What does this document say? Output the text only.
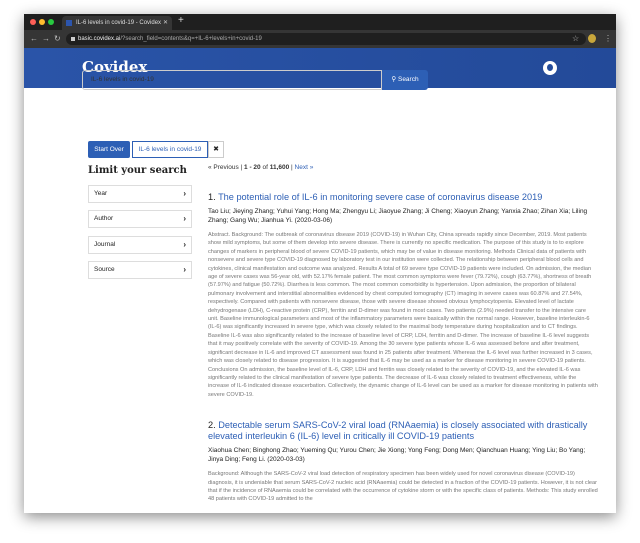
IL-6 levels in covid-19 - Covidex ✕ +
← → ↻	basic.covidex.ai/?search_field=contents&q=+IL-6+levels+in+covid-19	☆	⋮
Covidex
IL-6 levels in covid-19	⚲ Search
Start Over	IL-6 levels in covid-19	✖
Limit your search
Year	›
Author	›
Journal	›
Source	›
« Previous | 1 - 20 of 11,600 | Next »
1. The potential role of IL-6 in monitoring severe case of coronavirus disease 2019
Tao Liu; Jieying Zhang; Yuhui Yang; Hong Ma; Zhengyu Li; Jiaoyue Zhang; Ji Cheng; Xiaoyun Zhang; Yanxia Zhao; Zihan Xia; Liling Zhang; Gang Wu; Jianhua Yi. (2020-03-06)
Abstract. Background: The outbreak of coronavirus disease 2019 (COVID-19) in Wuhan City, China spreads rapidly since December, 2019. Most patients show mild symptoms, but some of them develop into severe disease. There is currently no specific medication. The purpose of this study is to to explore changes of markers in peripheral blood of severe COVID-19 patients, which may be of value in disease monitoring. Methods Clinical data of patients with nonsevere and severe type COVID-19 diagnosed by laboratory test in our institution were collected. The relationship between peripheral blood cells and cytokines, clinical manifestation and outcome was analyzed. Results A total of 69 severe type COVID-19 patients were included. On admission, the median age of severe cases was 56-year old, with 52.17% female patient. The most common symptoms were fever (79.72%), cough (63.77%), shortness of breath (57.97%) and fatigue (50.72%). Diarrhea is less common. The most common comorbidity is hypertension. Upon admission, the proportion of bilateral pulmonary involvement and interstitial abnormalities evidenced by chest computed tomography (CT) imaging in severe cases was 60.87% and 27.54%, respectively. Compared with patients with nonsevere disease, those with severe disease showed obvious lymphocytopenia. Elevated level of lactate dehydrogenase (LDH), C-reactive protein (CRP), ferritin and D-dimer was found in most cases. Two patients (2.9%) needed transfer to the intensive care unit. Baseline immunological parameters and most of the inflammatory parameters were basically within the normal range. However, baseline interleukin-6 (IL-6) was significantly increased in severe type, which was closely related to the maximal body temperature during hospitalization and to CT findings. Baseline IL-6 was also significantly related to the increase of baseline level of CRP, LDH, ferritin and D-dimer. The increase of baseline IL-6 level suggests that it may positively correlate with the severity of COVID-19. Among the 30 severe type patients whose IL-6 was assessed before and after treatment, significant decrease in IL-6 and improved CT assessment was found in 25 patients after treatment. Whereas the IL-6 level was further increased in 3 cases, which was closely related to disease progression. It is suggested that IL-6 may be used as a marker for disease monitoring in severe COVID-19 patients. Conclusions On admission, the baseline level of IL-6, CRP, LDH and ferritin was closely related to the severity of COVID-19, and the elevated IL-6 was significantly related to the clinical manifestation of severe type patients. The decrease of IL-6 was closely related to treatment effectiveness, while the increase of IL-6 indicated disease exacerbation. Collectively, the dynamic change of IL-6 level can be used as a marker for disease monitoring in patients with severe COVID-19.
2. Detectable serum SARS-CoV-2 viral load (RNAaemia) is closely associated with drastically elevated interleukin 6 (IL-6) level in critically ill COVID-19 patients
Xiaohua Chen; Binghong Zhao; Yueming Qu; Yurou Chen; Jie Xiong; Yong Feng; Dong Men; Qianchuan Huang; Ying Liu; Bo Yang; Jinya Ding; Feng Li. (2020-03-03)
Background: Although the SARS-CoV-2 viral load detection of respiratory specimen has been widely used for novel coronavirus disease (COVID-19) diagnosis, it is undeniable that serum SARS-CoV-2 nucleic acid (RNAaemia) could be detected in a fraction of the COVID-19 patients. However, it is not clear that if the incidence of RNAaemia could be correlated with the occurrence of cytokine storm or with the specific class of patients. Methods: This study enrolled 48 patients with COVID-19 admitted to the
